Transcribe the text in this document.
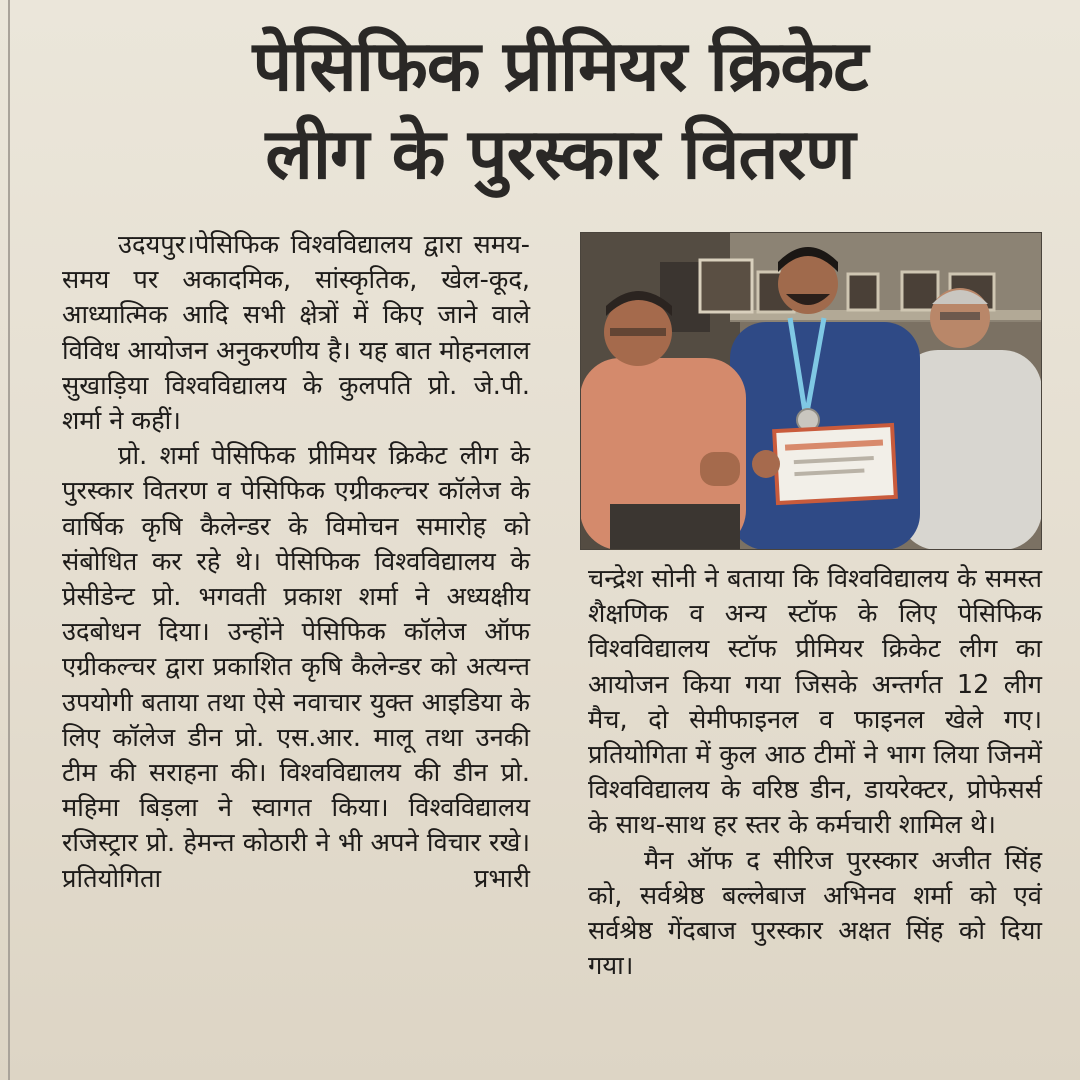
पेसिफिक प्रीमियर क्रिकेट
लीग के पुरस्कार वितरण

उदयपुर।पेसिफिक विश्वविद्यालय द्वारा समय-समय पर अकादमिक, सांस्कृतिक, खेल-कूद, आध्यात्मिक आदि सभी क्षेत्रों में किए जाने वाले विविध आयोजन अनुकरणीय है। यह बात मोहनलाल सुखाड़िया विश्वविद्यालय के कुलपति प्रो. जे.पी. शर्मा ने कहीं।

प्रो. शर्मा पेसिफिक प्रीमियर क्रिकेट लीग के पुरस्कार वितरण व पेसिफिक एग्रीकल्चर कॉलेज के वार्षिक कृषि कैलेन्डर के विमोचन समारोह को संबोधित कर रहे थे। पेसिफिक विश्वविद्यालय के प्रेसीडेन्ट प्रो. भगवती प्रकाश शर्मा ने अध्यक्षीय उदबोधन दिया। उन्होंने पेसिफिक कॉलेज ऑफ एग्रीकल्चर द्वारा प्रकाशित कृषि कैलेन्डर को अत्यन्त उपयोगी बताया तथा ऐसे नवाचार युक्त आइडिया के लिए कॉलेज डीन प्रो. एस.आर. मालू तथा उनकी टीम की सराहना की। विश्वविद्यालय की डीन प्रो. महिमा बिड़ला ने स्वागत किया। विश्वविद्यालय रजिस्ट्रार प्रो. हेमन्त कोठारी ने भी अपने विचार रखे। प्रतियोगिता प्रभारी

चन्द्रेश सोनी ने बताया कि विश्वविद्यालय के समस्त शैक्षणिक व अन्य स्टॉफ के लिए पेसिफिक विश्वविद्यालय स्टॉफ प्रीमियर क्रिकेट लीग का आयोजन किया गया जिसके अन्तर्गत 12 लीग मैच, दो सेमीफाइनल व फाइनल खेले गए। प्रतियोगिता में कुल आठ टीमों ने भाग लिया जिनमें विश्वविद्यालय के वरिष्ठ डीन, डायरेक्टर, प्रोफेसर्स के साथ-साथ हर स्तर के कर्मचारी शामिल थे।

मैन ऑफ द सीरिज पुरस्कार अजीत सिंह को, सर्वश्रेष्ठ बल्लेबाज अभिनव शर्मा को एवं सर्वश्रेष्ठ गेंदबाज पुरस्कार अक्षत सिंह को दिया गया।
